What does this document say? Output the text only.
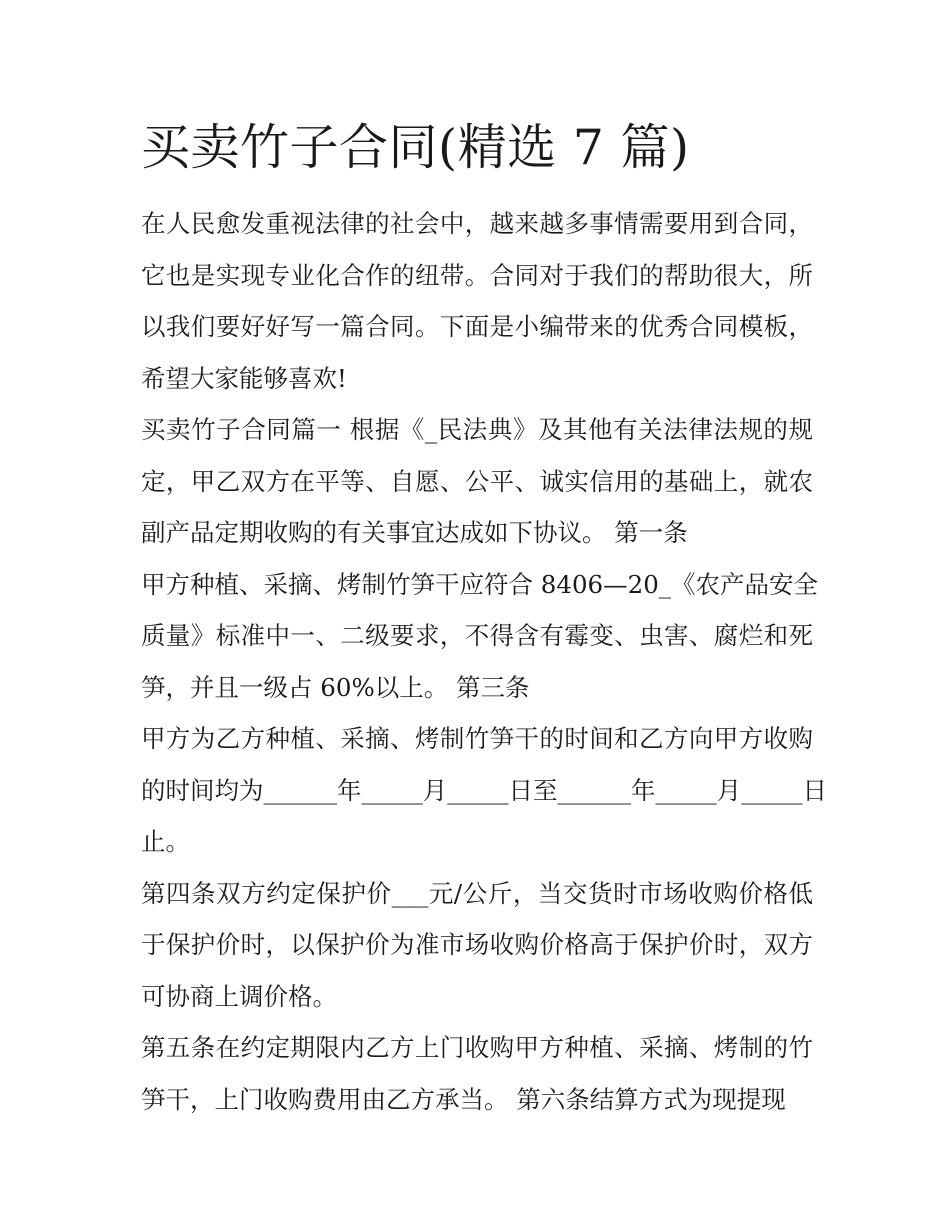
买卖竹子合同(精选 7 篇)

在人民愈发重视法律的社会中，越来越多事情需要用到合同，
它也是实现专业化合作的纽带。合同对于我们的帮助很大，所
以我们要好好写一篇合同。下面是小编带来的优秀合同模板，
希望大家能够喜欢!

买卖竹子合同篇一 根据《_民法典》及其他有关法律法规的规
定，甲乙双方在平等、自愿、公平、诚实信用的基础上，就农
副产品定期收购的有关事宜达成如下协议。 第一条

甲方种植、采摘、烤制竹笋干应符合 8406—20_《农产品安全
质量》标准中一、二级要求，不得含有霉变、虫害、腐烂和死
笋，并且一级占 60%以上。 第三条

甲方为乙方种植、采摘、烤制竹笋干的时间和乙方向甲方收购
的时间均为______年_____月_____日至______年_____月_____日
止。

第四条双方约定保护价___元/公斤，当交货时市场收购价格低
于保护价时，以保护价为准市场收购价格高于保护价时，双方
可协商上调价格。

第五条在约定期限内乙方上门收购甲方种植、采摘、烤制的竹
笋干，上门收购费用由乙方承当。 第六条结算方式为现提现
